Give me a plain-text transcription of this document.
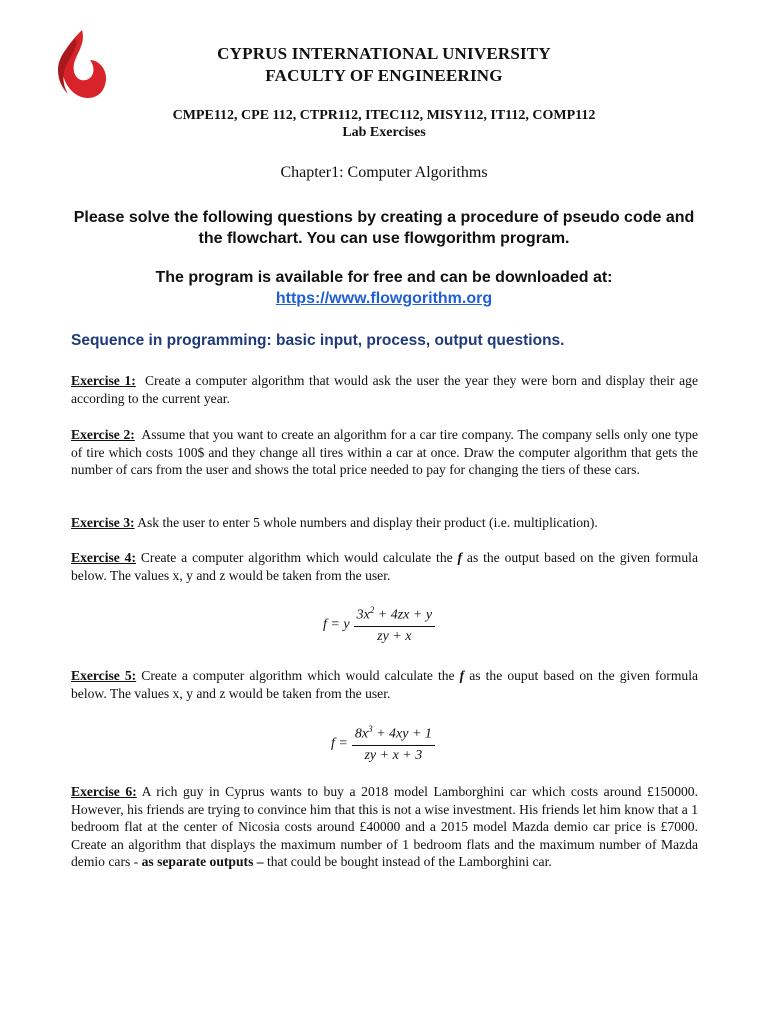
CYPRUS INTERNATIONAL UNIVERSITY
FACULTY OF ENGINEERING
CMPE112, CPE 112, CTPR112, ITEC112, MISY112, IT112, COMP112
Lab Exercises
Chapter1: Computer Algorithms
Please solve the following questions by creating a procedure of pseudo code and the flowchart. You can use flowgorithm program.
The program is available for free and can be downloaded at:
https://www.flowgorithm.org
Sequence in programming: basic input, process, output questions.
Exercise 1: Create a computer algorithm that would ask the user the year they were born and display their age according to the current year.
Exercise 2: Assume that you want to create an algorithm for a car tire company. The company sells only one type of tire which costs 100$ and they change all tires within a car at once. Draw the computer algorithm that gets the number of cars from the user and shows the total price needed to pay for changing the tiers of these cars.
Exercise 3: Ask the user to enter 5 whole numbers and display their product (i.e. multiplication).
Exercise 4: Create a computer algorithm which would calculate the f as the output based on the given formula below. The values x, y and z would be taken from the user.
f = y $\frac{3x^2 + 4zx + y}{zy + x}$
Exercise 5: Create a computer algorithm which would calculate the f as the ouput based on the given formula below. The values x, y and z would be taken from the user.
$f = \frac{8x^3 + 4xy + 1}{zy + x + 3}$
Exercise 6: A rich guy in Cyprus wants to buy a 2018 model Lamborghini car which costs around £150000. However, his friends are trying to convince him that this is not a wise investment. His friends let him know that a 1 bedroom flat at the center of Nicosia costs around £40000 and a 2015 model Mazda demio car price is £7000. Create an algorithm that displays the maximum number of 1 bedroom flats and the maximum number of Mazda demio cars - as separate outputs – that could be bought instead of the Lamborghini car.
